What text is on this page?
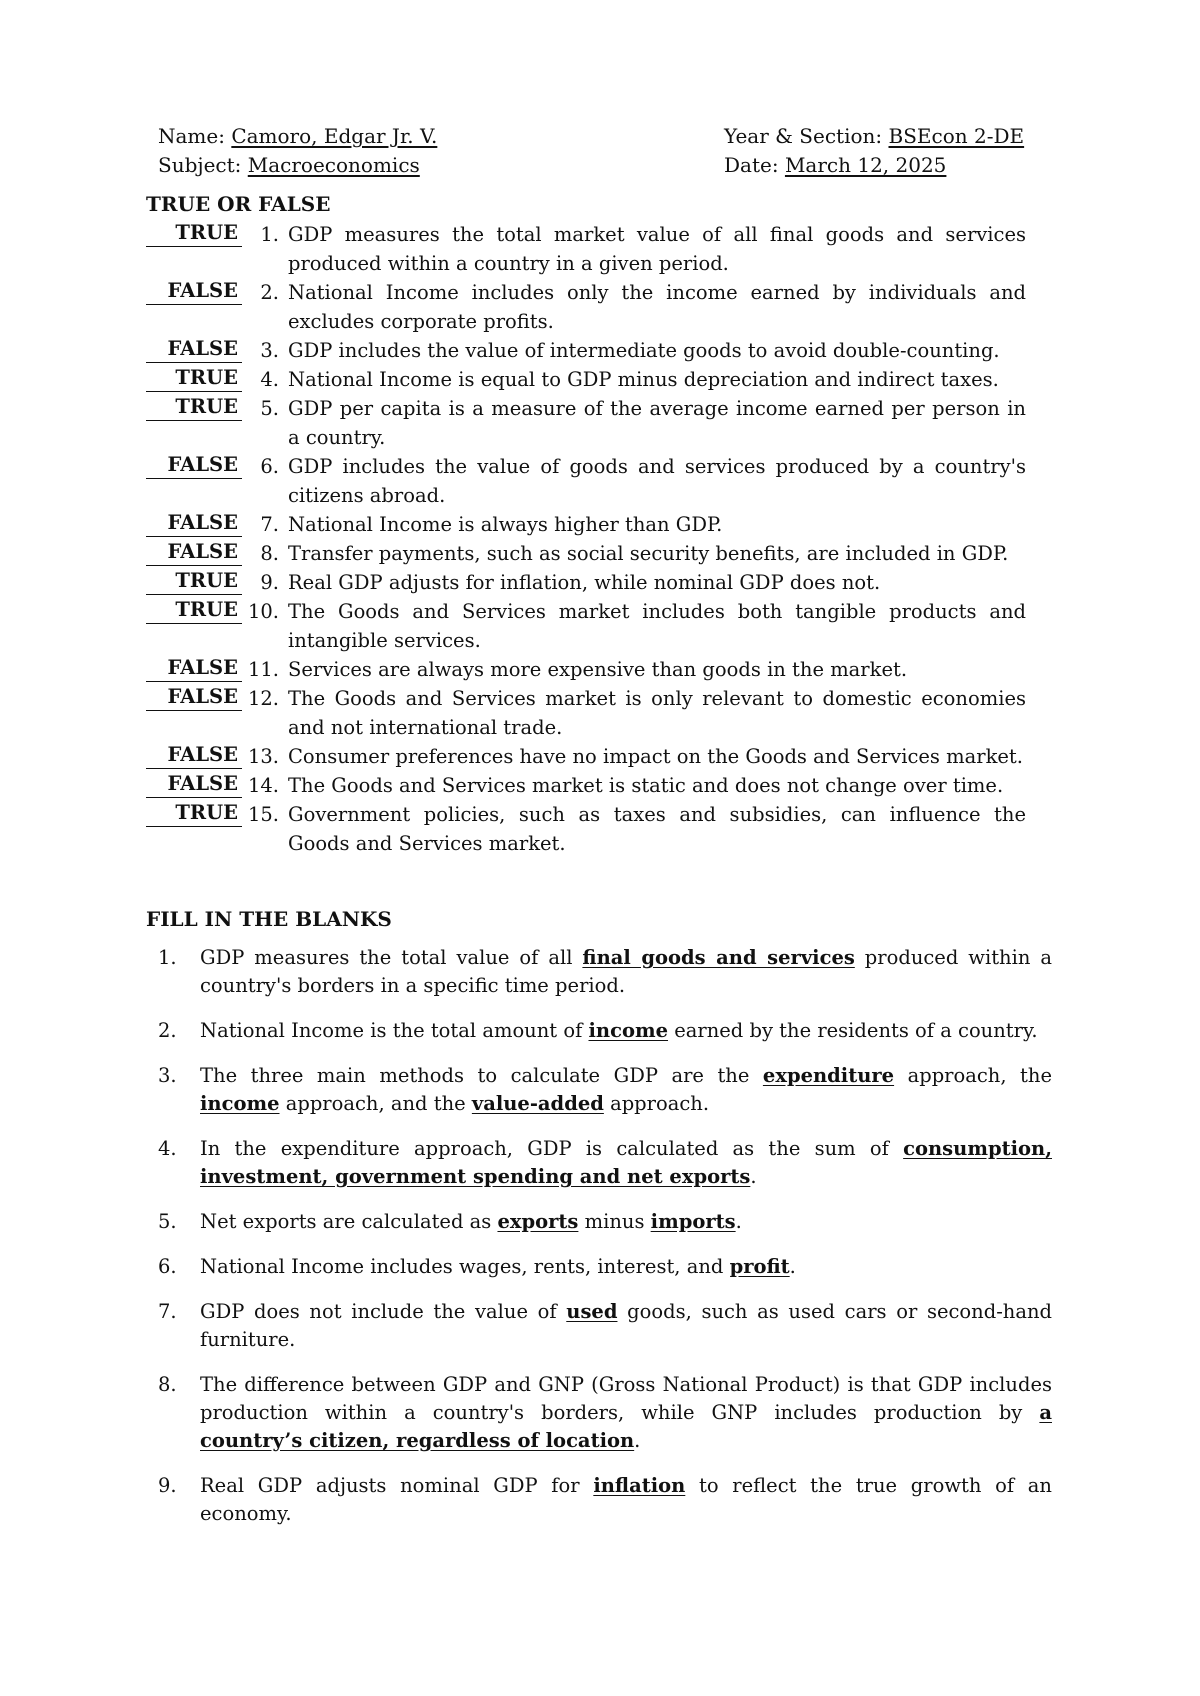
Name: Camoro, Edgar Jr. V.
Subject: Macroeconomics
Year & Section: BSEcon 2-DE
Date: March 12, 2025
TRUE OR FALSE
TRUE	1. GDP measures the total market value of all final goods and services produced within a country in a given period.
FALSE	2. National Income includes only the income earned by individuals and excludes corporate profits.
FALSE	3. GDP includes the value of intermediate goods to avoid double-counting.
TRUE	4. National Income is equal to GDP minus depreciation and indirect taxes.
TRUE	5. GDP per capita is a measure of the average income earned per person in a country.
FALSE	6. GDP includes the value of goods and services produced by a country's citizens abroad.
FALSE	7. National Income is always higher than GDP.
FALSE	8. Transfer payments, such as social security benefits, are included in GDP.
TRUE	9. Real GDP adjusts for inflation, while nominal GDP does not.
TRUE 10. The Goods and Services market includes both tangible products and intangible services.
FALSE 11. Services are always more expensive than goods in the market.
FALSE 12. The Goods and Services market is only relevant to domestic economies and not international trade.
FALSE 13. Consumer preferences have no impact on the Goods and Services market.
FALSE 14. The Goods and Services market is static and does not change over time.
TRUE 15. Government policies, such as taxes and subsidies, can influence the Goods and Services market.
FILL IN THE BLANKS
1.	GDP measures the total value of all final goods and services produced within a country's borders in a specific time period.
2.	National Income is the total amount of income earned by the residents of a country.
3.	The three main methods to calculate GDP are the expenditure approach, the income approach, and the value-added approach.
4.	In the expenditure approach, GDP is calculated as the sum of consumption, investment, government spending and net exports.
5.	Net exports are calculated as exports minus imports.
6.	National Income includes wages, rents, interest, and profit.
7.	GDP does not include the value of used goods, such as used cars or second-hand furniture.
8.	The difference between GDP and GNP (Gross National Product) is that GDP includes production within a country's borders, while GNP includes production by a country’s citizen, regardless of location.
9.	Real GDP adjusts nominal GDP for inflation to reflect the true growth of an economy.
